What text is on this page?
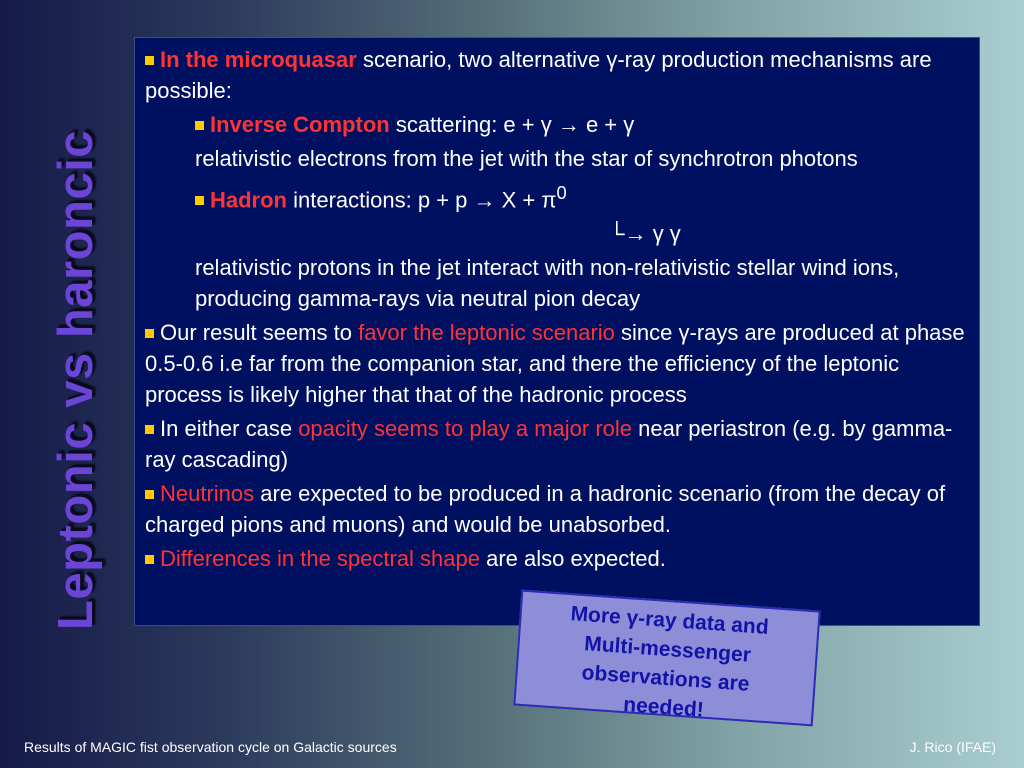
Leptonic vs haroncic
In the microquasar scenario, two alternative γ-ray production mechanisms are possible:
Inverse Compton scattering: e + γ → e + γ
relativistic electrons from the jet with the star of synchrotron photons
Hadron interactions: $p + p \to X + \pi^0$
└→ γ γ
relativistic protons in the jet interact with non-relativistic stellar wind ions, producing gamma-rays via neutral pion decay
Our result seems to favor the leptonic scenario since γ-rays are produced at phase 0.5-0.6 i.e far from the companion star, and there the efficiency of the leptonic process is likely higher that that of the hadronic process
In either case opacity seems to play a major role near periastron (e.g. by gamma-ray cascading)
Neutrinos are expected to be produced in a hadronic scenario (from the decay of charged pions and muons) and would be unabsorbed.
Differences in the spectral shape are also expected.
More γ-ray data and
Multi-messenger
observations are
needed!
Results of MAGIC fist observation cycle on Galactic sources	J. Rico (IFAE)
